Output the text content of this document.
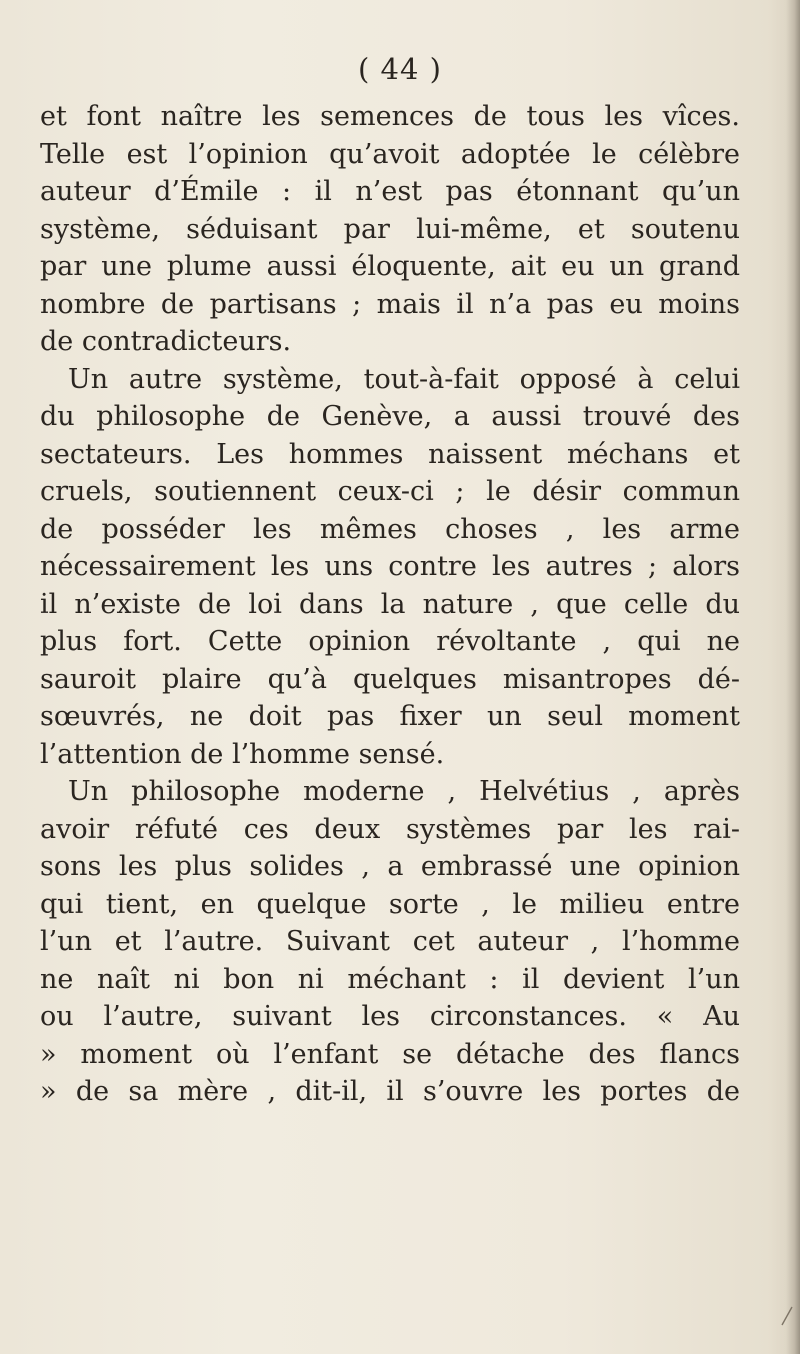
( 44 )
et font naître les semences de tous les vîces.
Telle est l’opinion qu’avoit adoptée le célèbre
auteur d’Émile : il n’est pas étonnant qu’un
système, séduisant par lui-même, et soutenu
par une plume aussi éloquente, ait eu un grand
nombre de partisans ; mais il n’a pas eu moins
de contradicteurs.
Un autre système, tout-à-fait opposé à celui
du philosophe de Genève, a aussi trouvé des
sectateurs. Les hommes naissent méchans et
cruels, soutiennent ceux-ci ; le désir commun
de posséder les mêmes choses , les arme
nécessairement les uns contre les autres ; alors
il n’existe de loi dans la nature , que celle du
plus fort. Cette opinion révoltante , qui ne
sauroit plaire qu’à quelques misantropes dé-
sœuvrés, ne doit pas fixer un seul moment
l’attention de l’homme sensé.
Un philosophe moderne , Helvétius , après
avoir réfuté ces deux systèmes par les rai-
sons les plus solides , a embrassé une opinion
qui tient, en quelque sorte , le milieu entre
l’un et l’autre. Suivant cet auteur , l’homme
ne naît ni bon ni méchant : il devient l’un
ou l’autre, suivant les circonstances. « Au
» moment où l’enfant se détache des flancs
» de sa mère , dit-il, il s’ouvre les portes de
